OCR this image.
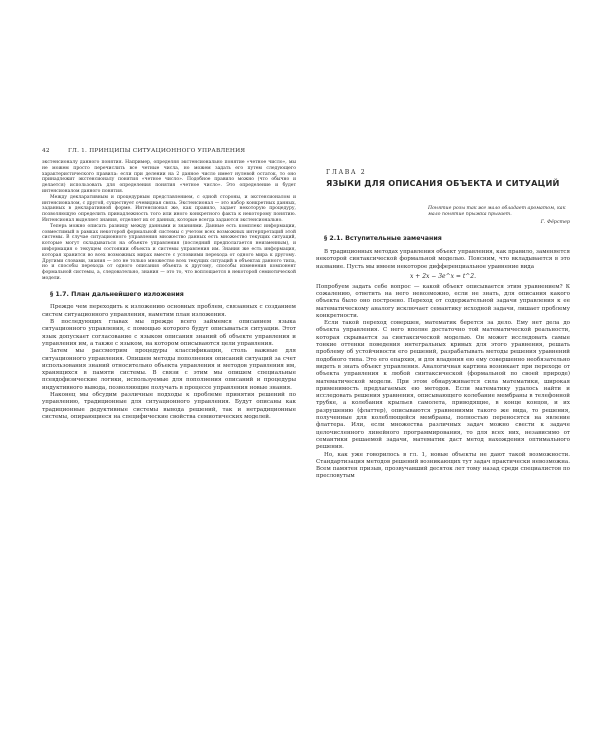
42	ГЛ. 1. ПРИНЦИПЫ СИТУАЦИОННОГО УПРАВЛЕНИЯ

экстенсионалу данного понятия. Например, определяя экстенсионально понятие «четное число», мы не можем просто перечислить все четные числа, но можем задать его путем следующего характеристического правила: если при делении на 2 данное число имеет нулевой остаток, то оно принадлежит экстенсионалу понятия «четное число». Подобное правило можно (что обычно и делается) использовать для определения понятия «четное число». Это определение и будет интенсионалом данного понятия.

Между декларативным и процедурным представлением, с одной стороны, и экстенсионалом и интенсионалом, с другой, существует очевидная связь. Экстенсионал — это набор конкретных данных, заданных в декларативной форме. Интенсионал же, как правило, задает некоторую процедуру, позволяющую определить принадлежность того или иного конкретного факта к некоторому понятию. Интенсионал выделяет знания, отделяет их от данных, которые всегда задаются экстенсионально.

Теперь можно описать разницу между данными и знаниями. Данные есть комплекс информации, совместимый в рамках некоторой формальной системы с учетом всех возможных интерпретаций этой системы. В случае ситуационного управления множество данных есть множество текущих ситуаций, которые могут складываться на объекте управления (последний предполагается неизменным), и информация о текущем состоянии объекта и системы управления им. Знания же есть информация, которая хранится во всех возможных мирах вместе с условиями перехода от одного мира к другому. Другими словами, знания — это не только множество всех текущих ситуаций в объектах данного типа, но и способы перехода от одного описания объекта к другому, способы изменения компонент формальной системы, а, следовательно, знания — это то, что воплощается в некоторой семиотической модели.

§ 1.7. План дальнейшего изложения

Прежде чем переходить к изложению основных проблем, связанных с созданием систем ситуационного управления, наметим план изложения.

В последующих главах мы прежде всего займемся описанием языка ситуационного управления, с помощью которого будут описываться ситуации. Этот язык допускает согласование с языком описания знаний об объекте управления и управления им, а также с языком, на котором описываются цели управления.

Затем мы рассмотрим процедуры классификации, столь важные для ситуационного управления. Опишем методы пополнения описаний ситуаций за счет использования знаний относительно объекта управления и методов управления им, хранящихся в памяти системы. В связи с этим мы опишем специальные псевдофизические логики, используемые для пополнения описаний и процедуры индуктивного вывода, позволяющие получать в процессе управления новые знания.

Наконец мы обсудим различные подходы к проблеме принятия решений по управлению, традиционные для ситуационного управления. Будут описаны как традиционные дедуктивные системы вывода решений, так и нетрадиционные системы, опирающиеся на специфические свойства семиотических моделей.

ГЛАВА 2
ЯЗЫКИ ДЛЯ ОПИСАНИЯ ОБЪЕКТА И СИТУАЦИЙ
Понятие розы так же мало обладает ароматом, как мало понятие прыжка прыгает.
Г. Фёрстер
§ 2.1. Вступительные замечания

В традиционных методах управления объект управления, как правило, заменяется некоторой синтаксической формальной моделью. Поясним, что вкладывается в это название. Пусть мы имеем некоторое дифференциальное уравнение вида

x + 2x − 3e^x = t^2.

Попробуем задать себе вопрос — какой объект описывается этим уравнением? К сожалению, ответить на него невозможно, если не знать, для описания какого объекта было оно построено. Переход от содержательной задачи управления к ее математическому аналогу исключает семантику исходной задачи, лишает проблему конкретности.

Если такой переход совершен, математик берется за дело. Ему нет дела до объекта управления. С него вполне достаточно той математической реальности, которая скрывается за синтаксической моделью. Он может исследовать самые тонкие оттенки поведения интегральных кривых для этого уравнения, решать проблему об устойчивости его решений, разрабатывать методы решения уравнений подобного типа. Это его епархия, и для владения ею ему совершенно необязательно видеть в знать объект управления. Аналогичная картина возникает при переходе от объекта управления к любой синтаксической (формальной по своей природе) математической модели. При этом обнаруживается сила математики, широкая применимость предлагаемых ею методов. Если математику удалось найти и исследовать решения уравнения, описывающего колебание мембраны в телефонной трубке, а колебания крыльев самолета, приводящие, в конце концов, и их разрушению (флаттер), описываются уравнениями такого же вида, то решения, полученные для колеблющейся мембраны, полностью переносятся на явление флаттера. Или, если множества различных задач можно свести к задаче целочисленного линейного программирования, то для всех них, независимо от семантики решаемой задачи, математик даст метод нахождения оптимального решения.

Но, как уже говорилось в гл. 1, новые объекты не дают такой возможности. Стандартизация методов решений возникающих тут задач практически невозможна. Всем памятен призыв, прозвучавший десяток лет тому назад среди специалистов по пресловутым
